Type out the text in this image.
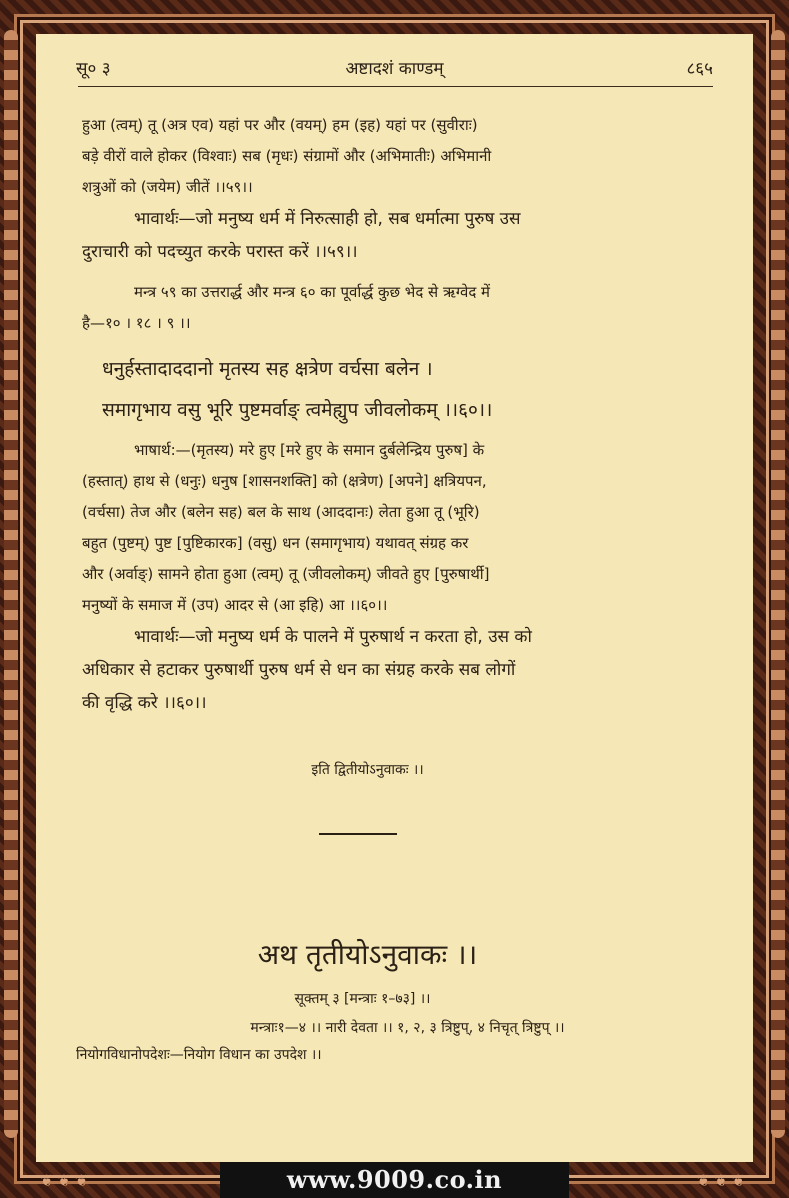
❦❦❦	❦❦❦
सू० ३	अष्टादशं काण्डम्	८६५

हुआ (त्वम्) तू (अत्र एव) यहां पर और (वयम्) हम (इह) यहां पर (सुवीराः)

बड़े वीरों वाले होकर (विश्वाः) सब (मृधः) संग्रामों और (अभिमातीः) अभिमानी

शत्रुओं को (जयेम) जीतें ।।५९।।

भावार्थः—जो मनुष्य धर्म में निरुत्साही हो, सब धर्मात्मा पुरुष उस

दुराचारी को पदच्युत करके परास्त करें ।।५९।।

मन्त्र ५९ का उत्तरार्द्ध और मन्त्र ६० का पूर्वार्द्ध कुछ भेद से ऋग्वेद में

है—१० । १८ । ९ ।।

धनुर्हस्तादाददानो मृतस्य सह क्षत्रेण वर्चसा बलेन ।

समागृभाय वसु भूरि पुष्टमर्वाङ् त्वमेह्युप जीवलोकम् ।।६०।।

भाषार्थ:—(मृतस्य) मरे हुए [मरे हुए के समान दुर्बलेन्द्रिय पुरुष] के

(हस्तात्) हाथ से (धनुः) धनुष [शासनशक्ति] को (क्षत्रेण) [अपने] क्षत्रियपन,

(वर्चसा) तेज और (बलेन सह) बल के साथ (आददानः) लेता हुआ तू (भूरि)

बहुत (पुष्टम्) पुष्ट [पुष्टिकारक] (वसु) धन (समागृभाय) यथावत् संग्रह कर

और (अर्वाङ्) सामने होता हुआ (त्वम्) तू (जीवलोकम्) जीवते हुए [पुरुषार्थी]

मनुष्यों के समाज में (उप) आदर से (आ इहि) आ ।।६०।।

भावार्थः—जो मनुष्य धर्म के पालने में पुरुषार्थ न करता हो, उस को

अधिकार से हटाकर पुरुषार्थी पुरुष धर्म से धन का संग्रह करके सब लोगों

की वृद्धि करे ।।६०।।

इति द्वितीयोऽनुवाकः ।।
अथ तृतीयोऽनुवाकः ।।
सूक्तम् ३ [मन्त्राः १–७३] ।।
मन्त्राः१—४ ।। नारी देवता ।। १, २, ३ त्रिष्टुप्, ४ निचृत् त्रिष्टुप् ।।
नियोगविधानोपदेशः—नियोग विधान का उपदेश ।।
www.9009.co.in
